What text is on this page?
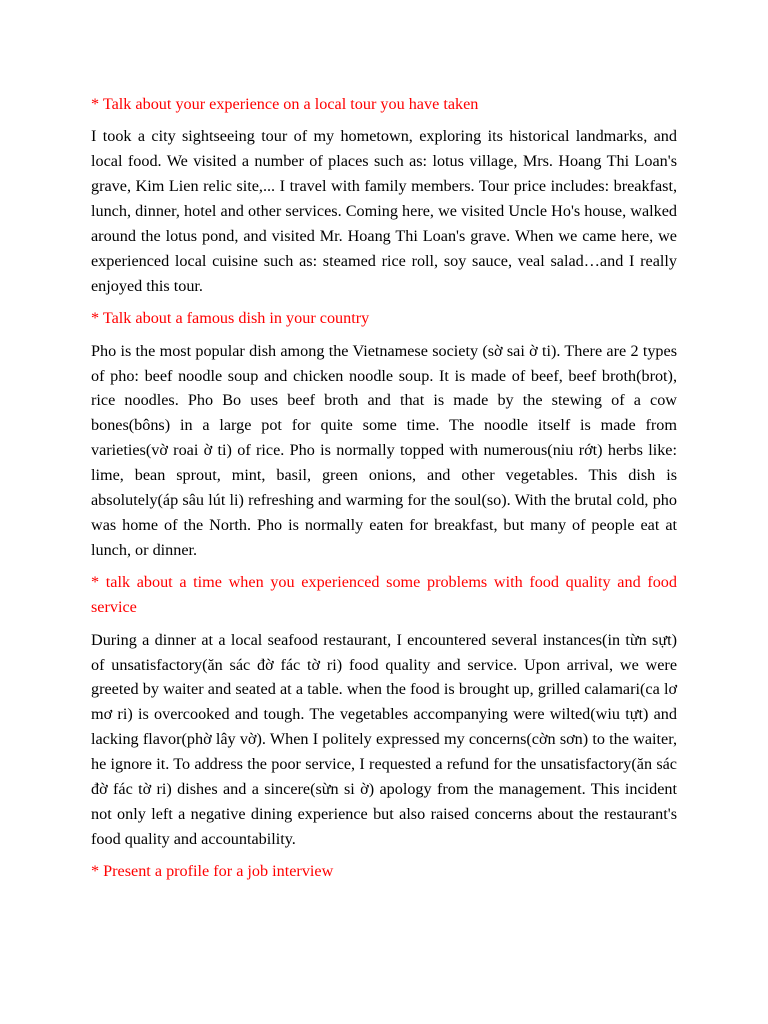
* Talk about your experience on a local tour you have taken
I took a city sightseeing tour of my hometown, exploring its historical landmarks, and local food. We visited a number of places such as: lotus village, Mrs. Hoang Thi Loan's grave, Kim Lien relic site,... I travel with family members. Tour price includes: breakfast, lunch, dinner, hotel and other services. Coming here, we visited Uncle Ho's house, walked around the lotus pond, and visited Mr. Hoang Thi Loan's grave. When we came here, we experienced local cuisine such as: steamed rice roll, soy sauce, veal salad…and I really enjoyed this tour.
* Talk about a famous dish in your country
Pho is the most popular dish among the Vietnamese society (sờ sai ờ ti). There are 2 types of pho: beef noodle soup and chicken noodle soup. It is made of beef, beef broth(brot), rice noodles. Pho Bo uses beef broth and that is made by the stewing of a cow bones(bôns) in a large pot for quite some time. The noodle itself is made from varieties(vờ roai ờ ti) of rice. Pho is normally topped with numerous(niu rớt) herbs like: lime, bean sprout, mint, basil, green onions, and other vegetables. This dish is absolutely(áp sâu lút li) refreshing and warming for the soul(so). With the brutal cold, pho was home of the North. Pho is normally eaten for breakfast, but many of people eat at lunch, or dinner.
* talk about a time when you experienced some problems with food quality and food service
During a dinner at a local seafood restaurant, I encountered several instances(in từn sựt) of unsatisfactory(ăn sác đờ fác tờ ri) food quality and service. Upon arrival, we were greeted by waiter and seated at a table. when the food is brought up, grilled calamari(ca lơ mơ ri) is overcooked and tough. The vegetables accompanying were wilted(wiu tựt) and lacking flavor(phờ lây vờ). When I politely expressed my concerns(cờn sơn) to the waiter, he ignore it. To address the poor service, I requested a refund for the unsatisfactory(ăn sác đờ fác tờ ri) dishes and a sincere(sừn si ờ) apology from the management. This incident not only left a negative dining experience but also raised concerns about the restaurant's food quality and accountability.
* Present a profile for a job interview
